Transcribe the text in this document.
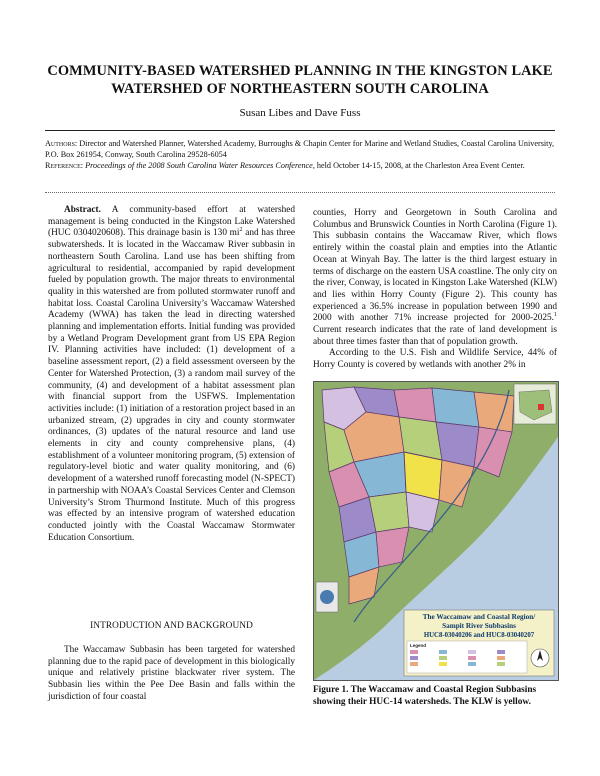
COMMUNITY-BASED WATERSHED PLANNING IN THE KINGSTON LAKE WATERSHED OF NORTHEASTERN SOUTH CAROLINA
Susan Libes and Dave Fuss
Authors: Director and Watershed Planner, Watershed Academy, Burroughs & Chapin Center for Marine and Wetland Studies, Coastal Carolina University, P.O. Box 261954, Conway, South Carolina 29528-6054
Reference: Proceedings of the 2008 South Carolina Water Resources Conference, held October 14-15, 2008, at the Charleston Area Event Center.

Abstract. A community-based effort at watershed management is being conducted in the Kingston Lake Watershed (HUC 0304020608). This drainage basin is 130 $mi^2$ and has three subwatersheds. It is located in the Waccamaw River subbasin in northeastern South Carolina. Land use has been shifting from agricultural to residential, accompanied by rapid development fueled by population growth. The major threats to environmental quality in this watershed are from polluted stormwater runoff and habitat loss. Coastal Carolina University’s Waccamaw Watershed Academy (WWA) has taken the lead in directing watershed planning and implementation efforts. Initial funding was provided by a Wetland Program Development grant from US EPA Region IV. Planning activities have included: (1) development of a baseline assessment report, (2) a field assessment overseen by the Center for Watershed Protection, (3) a random mail survey of the community, (4) and development of a habitat assessment plan with financial support from the USFWS. Implementation activities include: (1) initiation of a restoration project based in an urbanized stream, (2) upgrades in city and county stormwater ordinances, (3) updates of the natural resource and land use elements in city and county comprehensive plans, (4) establishment of a volunteer monitoring program, (5) extension of regulatory-level biotic and water quality monitoring, and (6) development of a watershed runoff forecasting model (N-SPECT) in partnership with NOAA’s Coastal Services Center and Clemson University’s Strom Thurmond Institute. Much of this progress was effected by an intensive program of watershed education conducted jointly with the Coastal Waccamaw Stormwater Education Consortium.

INTRODUCTION AND BACKGROUND

The Waccamaw Subbasin has been targeted for watershed planning due to the rapid pace of development in this biologically unique and relatively pristine blackwater river system. The Subbasin lies within the Pee Dee Basin and falls within the jurisdiction of four coastal

counties, Horry and Georgetown in South Carolina and Columbus and Brunswick Counties in North Carolina (Figure 1). This subbasin contains the Waccamaw River, which flows entirely within the coastal plain and empties into the Atlantic Ocean at Winyah Bay. The latter is the third largest estuary in terms of discharge on the eastern USA coastline. The only city on the river, Conway, is located in Kingston Lake Watershed (KLW) and lies within Horry County (Figure 2). This county has experienced a 36.5% increase in population between 1990 and 2000 with another 71% increase projected for 2000-2025.$^1$ Current research indicates that the rate of land development is about three times faster than that of population growth.

According to the U.S. Fish and Wildlife Service, 44% of Horry County is covered by wetlands with another 2% in

The Waccamaw and Coastal Region/
Sampit River Subbasins
HUC8-03040206 and HUC8-03040207
Legend
Figure 1. The Waccamaw and Coastal Region Subbasins showing their HUC-14 watersheds. The KLW is yellow.
